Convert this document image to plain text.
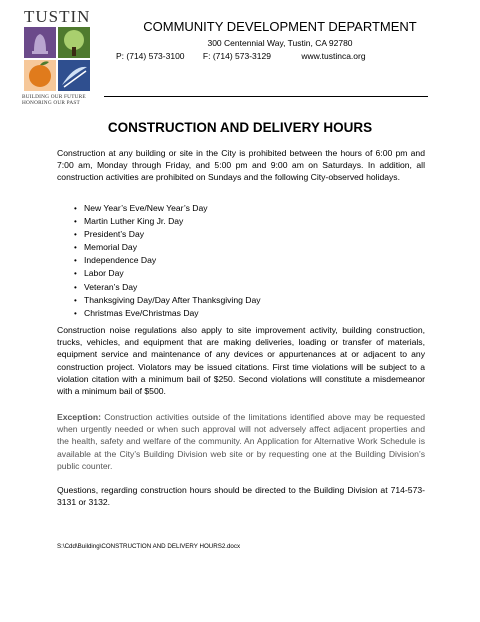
TUSTIN
BUILDING OUR FUTURE
HONORING OUR PAST
COMMUNITY DEVELOPMENT DEPARTMENT
300 Centennial Way, Tustin, CA 92780
P: (714) 573-3100 F: (714) 573-3129	www.tustinca.org
CONSTRUCTION AND DELIVERY HOURS
Construction at any building or site in the City is prohibited between the hours of 6:00 pm and 7:00 am, Monday through Friday, and 5:00 pm and 9:00 am on Saturdays. In addition, all construction activities are prohibited on Sundays and the following City-observed holidays.
• New Year’s Eve/New Year’s Day
• Martin Luther King Jr. Day
• President’s Day
• Memorial Day
• Independence Day
• Labor Day
• Veteran’s Day
• Thanksgiving Day/Day After Thanksgiving Day
• Christmas Eve/Christmas Day
Construction noise regulations also apply to site improvement activity, building construction, trucks, vehicles, and equipment that are making deliveries, loading or transfer of materials, equipment service and maintenance of any devices or appurtenances at or adjacent to any construction project. Violators may be issued citations. First time violations will be subject to a violation citation with a minimum bail of $250. Second violations will constitute a misdemeanor with a minimum bail of $500.
Exception: Construction activities outside of the limitations identified above may be requested when urgently needed or when such approval will not adversely affect adjacent properties and the health, safety and welfare of the community. An Application for Alternative Work Schedule is available at the City’s Building Division web site or by requesting one at the Building Division’s public counter.
Questions, regarding construction hours should be directed to the Building Division at 714-573-3131 or 3132.
S:\Cdd\Building\CONSTRUCTION AND DELIVERY HOURS2.docx
